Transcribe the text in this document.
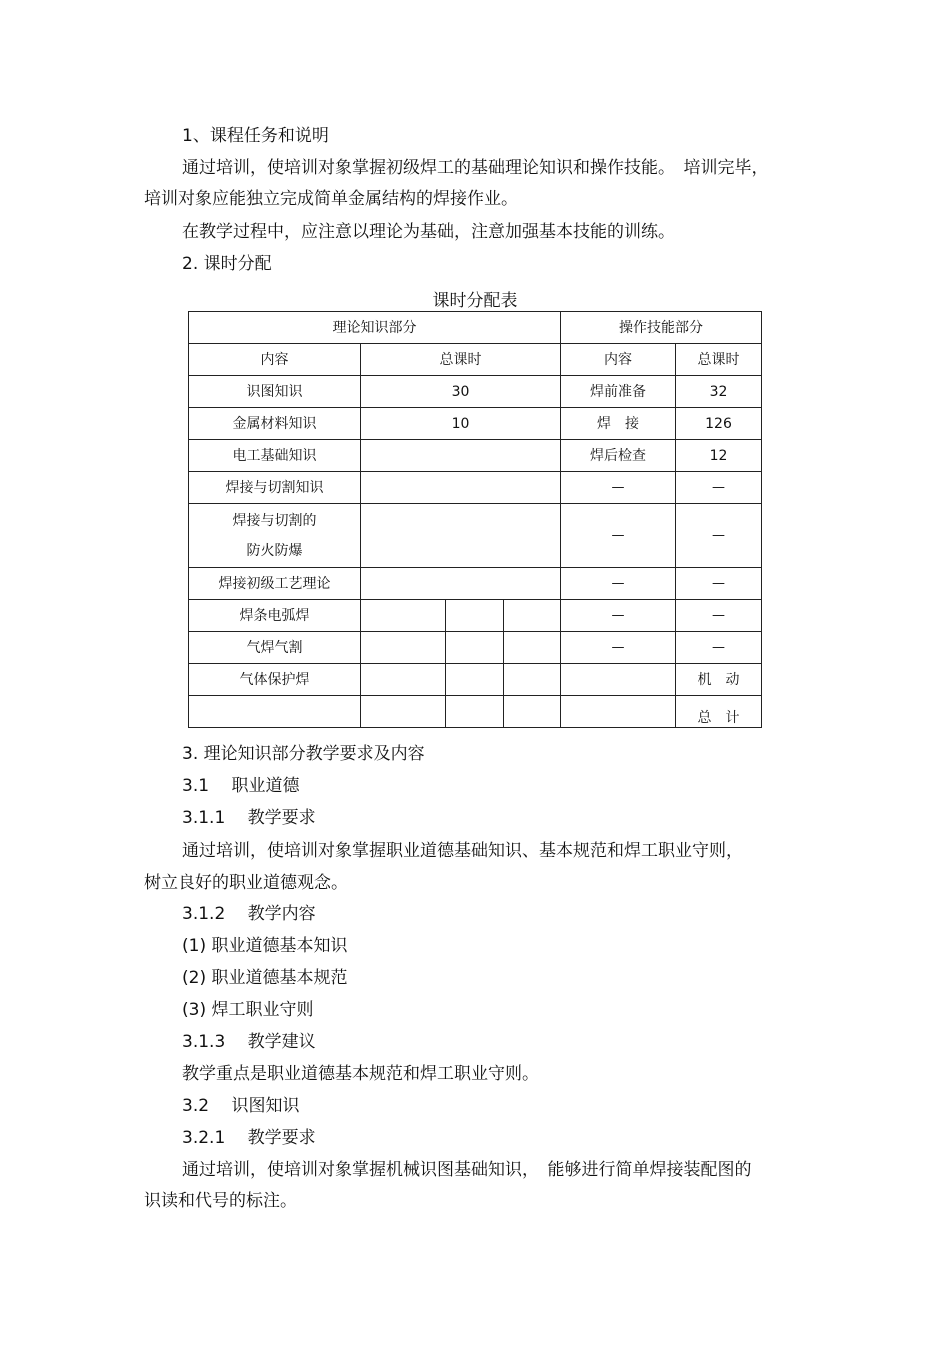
1、课程任务和说明
通过培训，使培训对象掌握初级焊工的基础理论知识和操作技能。　培训完毕，
培训对象应能独立完成简单金属结构的焊接作业。
在教学过程中，应注意以理论为基础，注意加强基本技能的训练。
2. 课时分配
课时分配表
理论知识部分				操作技能部分	
内容	总课时			内容	总课时
识图知识	30			焊前准备	32
金属材料知识	10			焊　接	126
电工基础知识				焊后检查	12
焊接与切割知识				—	—

焊接与切割的
防火防爆				—	—
焊接初级工艺理论				—	—
焊条电弧焊				—	—
气焊气割				—	—
气体保护焊					机　动
					总　计
3. 理论知识部分教学要求及内容
3.1　 职业道德
3.1.1　 教学要求
通过培训，使培训对象掌握职业道德基础知识、基本规范和焊工职业守则，
树立良好的职业道德观念。
3.1.2　 教学内容
(1) 职业道德基本知识
(2) 职业道德基本规范
(3) 焊工职业守则
3.1.3　 教学建议
教学重点是职业道德基本规范和焊工职业守则。
3.2　 识图知识
3.2.1　 教学要求
通过培训，使培训对象掌握机械识图基础知识，　能够进行简单焊接装配图的
识读和代号的标注。
